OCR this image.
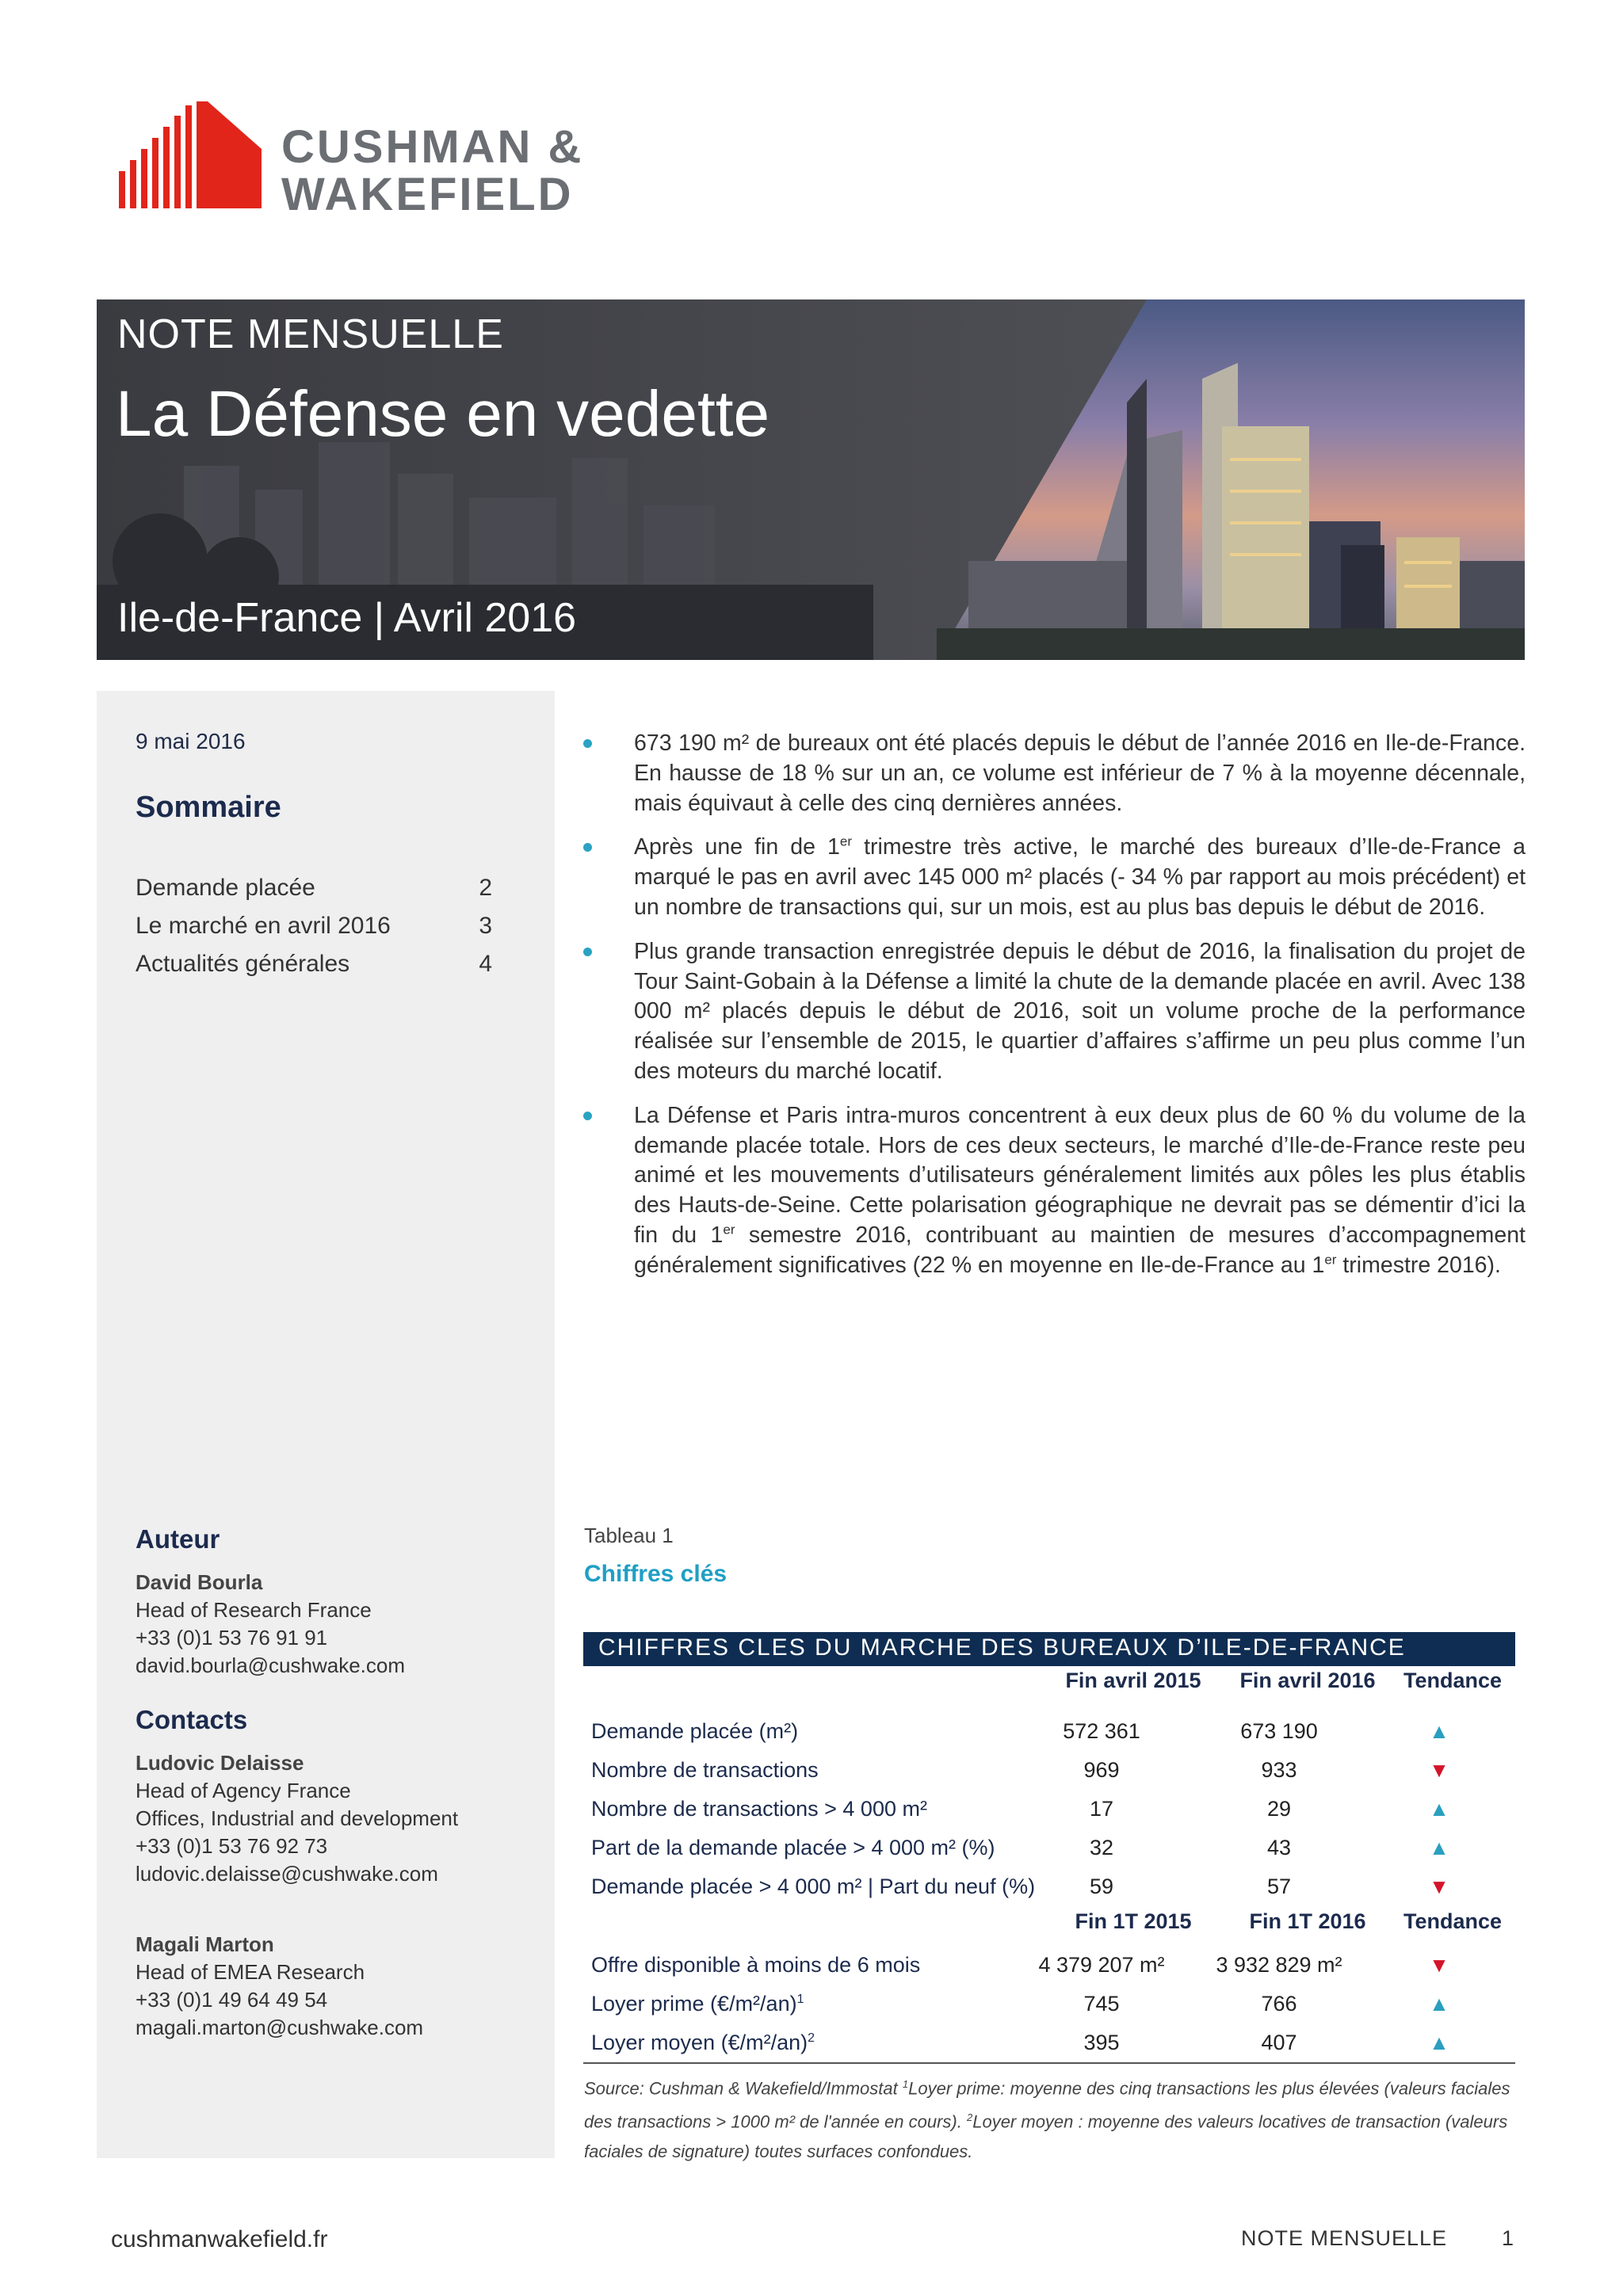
CUSHMAN &
WAKEFIELD
NOTE MENSUELLE
La Défense en vedette
Ile-de-France | Avril 2016
9 mai 2016
Sommaire
Demande placée	2
Le marché en avril 2016	3
Actualités générales	4
Auteur
David Bourla
Head of Research France
+33 (0)1 53 76 91 91
david.bourla@cushwake.com
Contacts
Ludovic Delaisse
Head of Agency France
Offices, Industrial and development
+33 (0)1 53 76 92 73
ludovic.delaisse@cushwake.com
Magali Marton
Head of EMEA Research
+33 (0)1 49 64 49 54
magali.marton@cushwake.com
673 190 m² de bureaux ont été placés depuis le début de l’année 2016 en Ile-de-France. En hausse de 18 % sur un an, ce volume est inférieur de 7 % à la moyenne décennale, mais équivaut à celle des cinq dernières années.
Après une fin de 1er trimestre très active, le marché des bureaux d’Ile-de-France a marqué le pas en avril avec 145 000 m² placés (- 34 % par rapport au mois précédent) et un nombre de transactions qui, sur un mois, est au plus bas depuis le début de 2016.
Plus grande transaction enregistrée depuis le début de 2016, la finalisation du projet de Tour Saint-Gobain à la Défense a limité la chute de la demande placée en avril. Avec 138 000 m² placés depuis le début de 2016, soit un volume proche de la performance réalisée sur l’ensemble de 2015, le quartier d’affaires s’affirme un peu plus comme l’un des moteurs du marché locatif.
La Défense et Paris intra-muros concentrent à eux deux plus de 60 % du volume de la demande placée totale. Hors de ces deux secteurs, le marché d’Ile-de-France reste peu animé et les mouvements d’utilisateurs généralement limités aux pôles les plus établis des Hauts-de-Seine. Cette polarisation géographique ne devrait pas se démentir d’ici la fin du 1er semestre 2016, contribuant au maintien de mesures d’accompagnement généralement significatives (22 % en moyenne en Ile-de-France au 1er trimestre 2016).
Tableau 1
Chiffres clés
CHIFFRES CLES DU MARCHE DES BUREAUX D’ILE-DE-FRANCE
Fin avril 2015	Fin avril 2016	Tendance
Demande placée (m²)	572 361	673 190	▲
Nombre de transactions	969	933	▼
Nombre de transactions > 4 000 m²	17	29	▲
Part de la demande placée > 4 000 m² (%)	32	43	▲
Demande placée > 4 000 m² | Part du neuf (%)	59	57	▼
Fin 1T 2015	Fin 1T 2016	Tendance
Offre disponible à moins de 6 mois	4 379 207 m²	3 932 829 m²	▼
Loyer prime (€/m²/an)$^1$	745	766	▲
Loyer moyen (€/m²/an)$^2$	395	407	▲
Source: Cushman & Wakefield/Immostat $^1$Loyer prime: moyenne des cinq transactions les plus élevées (valeurs faciales des transactions > 1000 m² de l'année en cours). $^2$Loyer moyen : moyenne des valeurs locatives de transaction (valeurs faciales de signature) toutes surfaces confondues.
cushmanwakefield.fr	NOTE MENSUELLE	1
